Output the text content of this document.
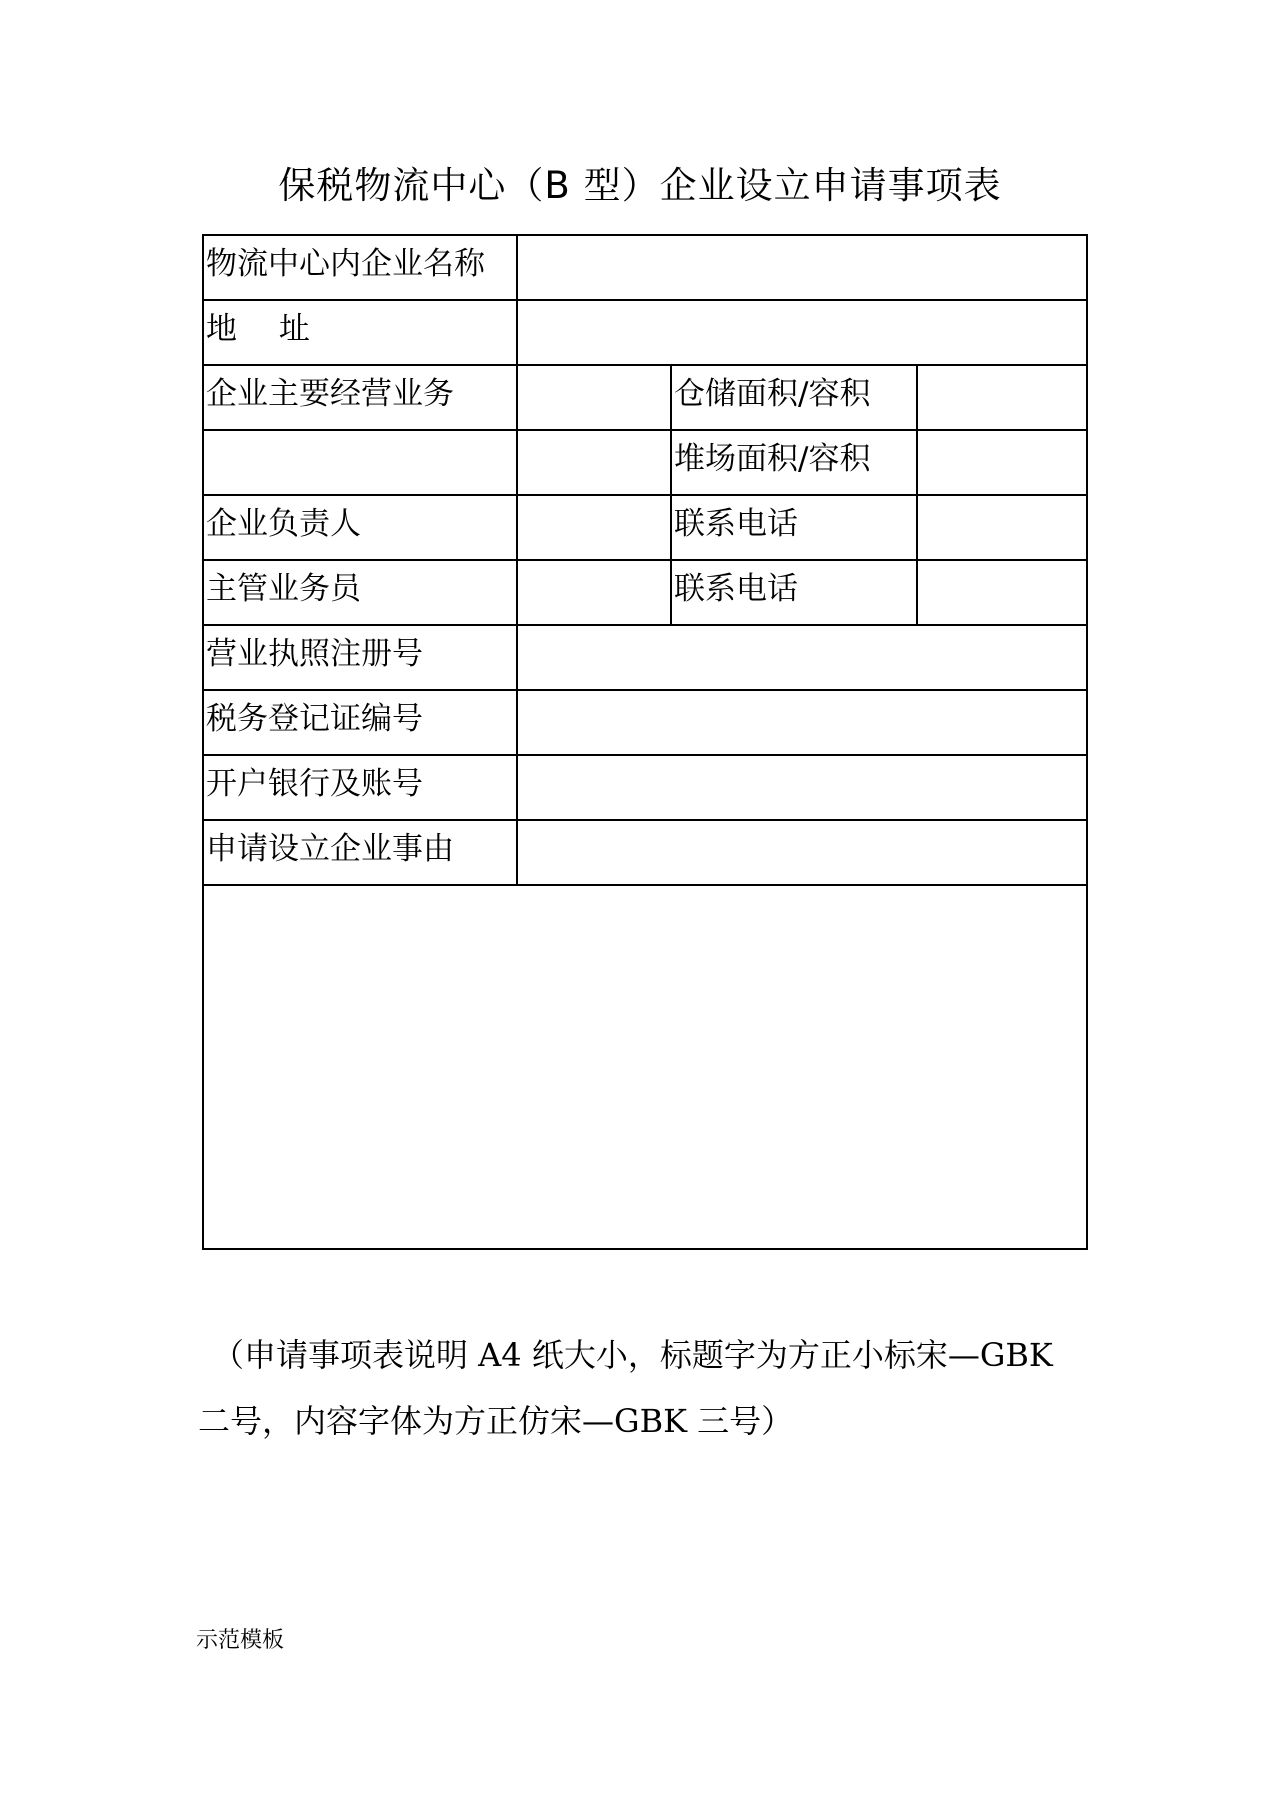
保税物流中心（B 型）企业设立申请事项表
物流中心内企业名称			
地 址			
企业主要经营业务		仓储面积/容积	
		堆场面积/容积	
企业负责人		联系电话	
主管业务员		联系电话	
营业执照注册号			
税务登记证编号			
开户银行及账号			
申请设立企业事由			

（申请事项表说明 A4 纸大小，标题字为方正小标宋—GBK
二号，内容字体为方正仿宋—GBK 三号）
示范模板
